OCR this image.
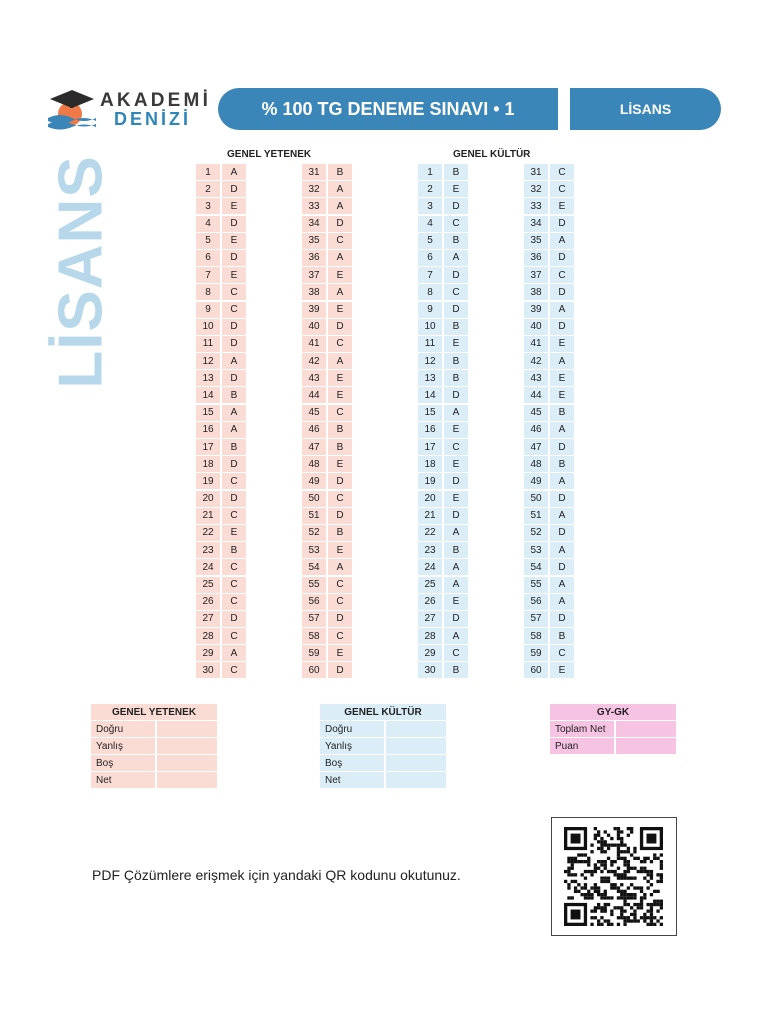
AKADEMİ
DENİZİ
% 100 TG DENEME SINAVI • 1	LİSANS
LİSANS
GENEL YETENEK	GENEL KÜLTÜR
1	A
2	D
3	E
4	D
5	E
6	D
7	E
8	C
9	C
10	D
11	D
12	A
13	D
14	B
15	A
16	A
17	B
18	D
19	C
20	D
21	C
22	E
23	B
24	C
25	C
26	C
27	D
28	C
29	A
30	C
31	B
32	A
33	A
34	D
35	C
36	A
37	E
38	A
39	E
40	D
41	C
42	A
43	E
44	E
45	C
46	B
47	B
48	E
49	D
50	C
51	D
52	B
53	E
54	A
55	C
56	C
57	D
58	C
59	E
60	D
1	B
2	E
3	D
4	C
5	B
6	A
7	D
8	C
9	D
10	B
11	E
12	B
13	B
14	D
15	A
16	E
17	C
18	E
19	D
20	E
21	D
22	A
23	B
24	A
25	A
26	E
27	D
28	A
29	C
30	B
31	C
32	C
33	E
34	D
35	A
36	D
37	C
38	D
39	A
40	D
41	E
42	A
43	E
44	E
45	B
46	A
47	D
48	B
49	A
50	D
51	A
52	D
53	A
54	D
55	A
56	A
57	D
58	B
59	C
60	E
GENEL YETENEK
Doğru
Yanlış
Boş
Net
GENEL KÜLTÜR
Doğru
Yanlış
Boş
Net
GY-GK
Toplam Net
Puan
PDF Çözümlere erişmek için yandaki QR kodunu okutunuz.
